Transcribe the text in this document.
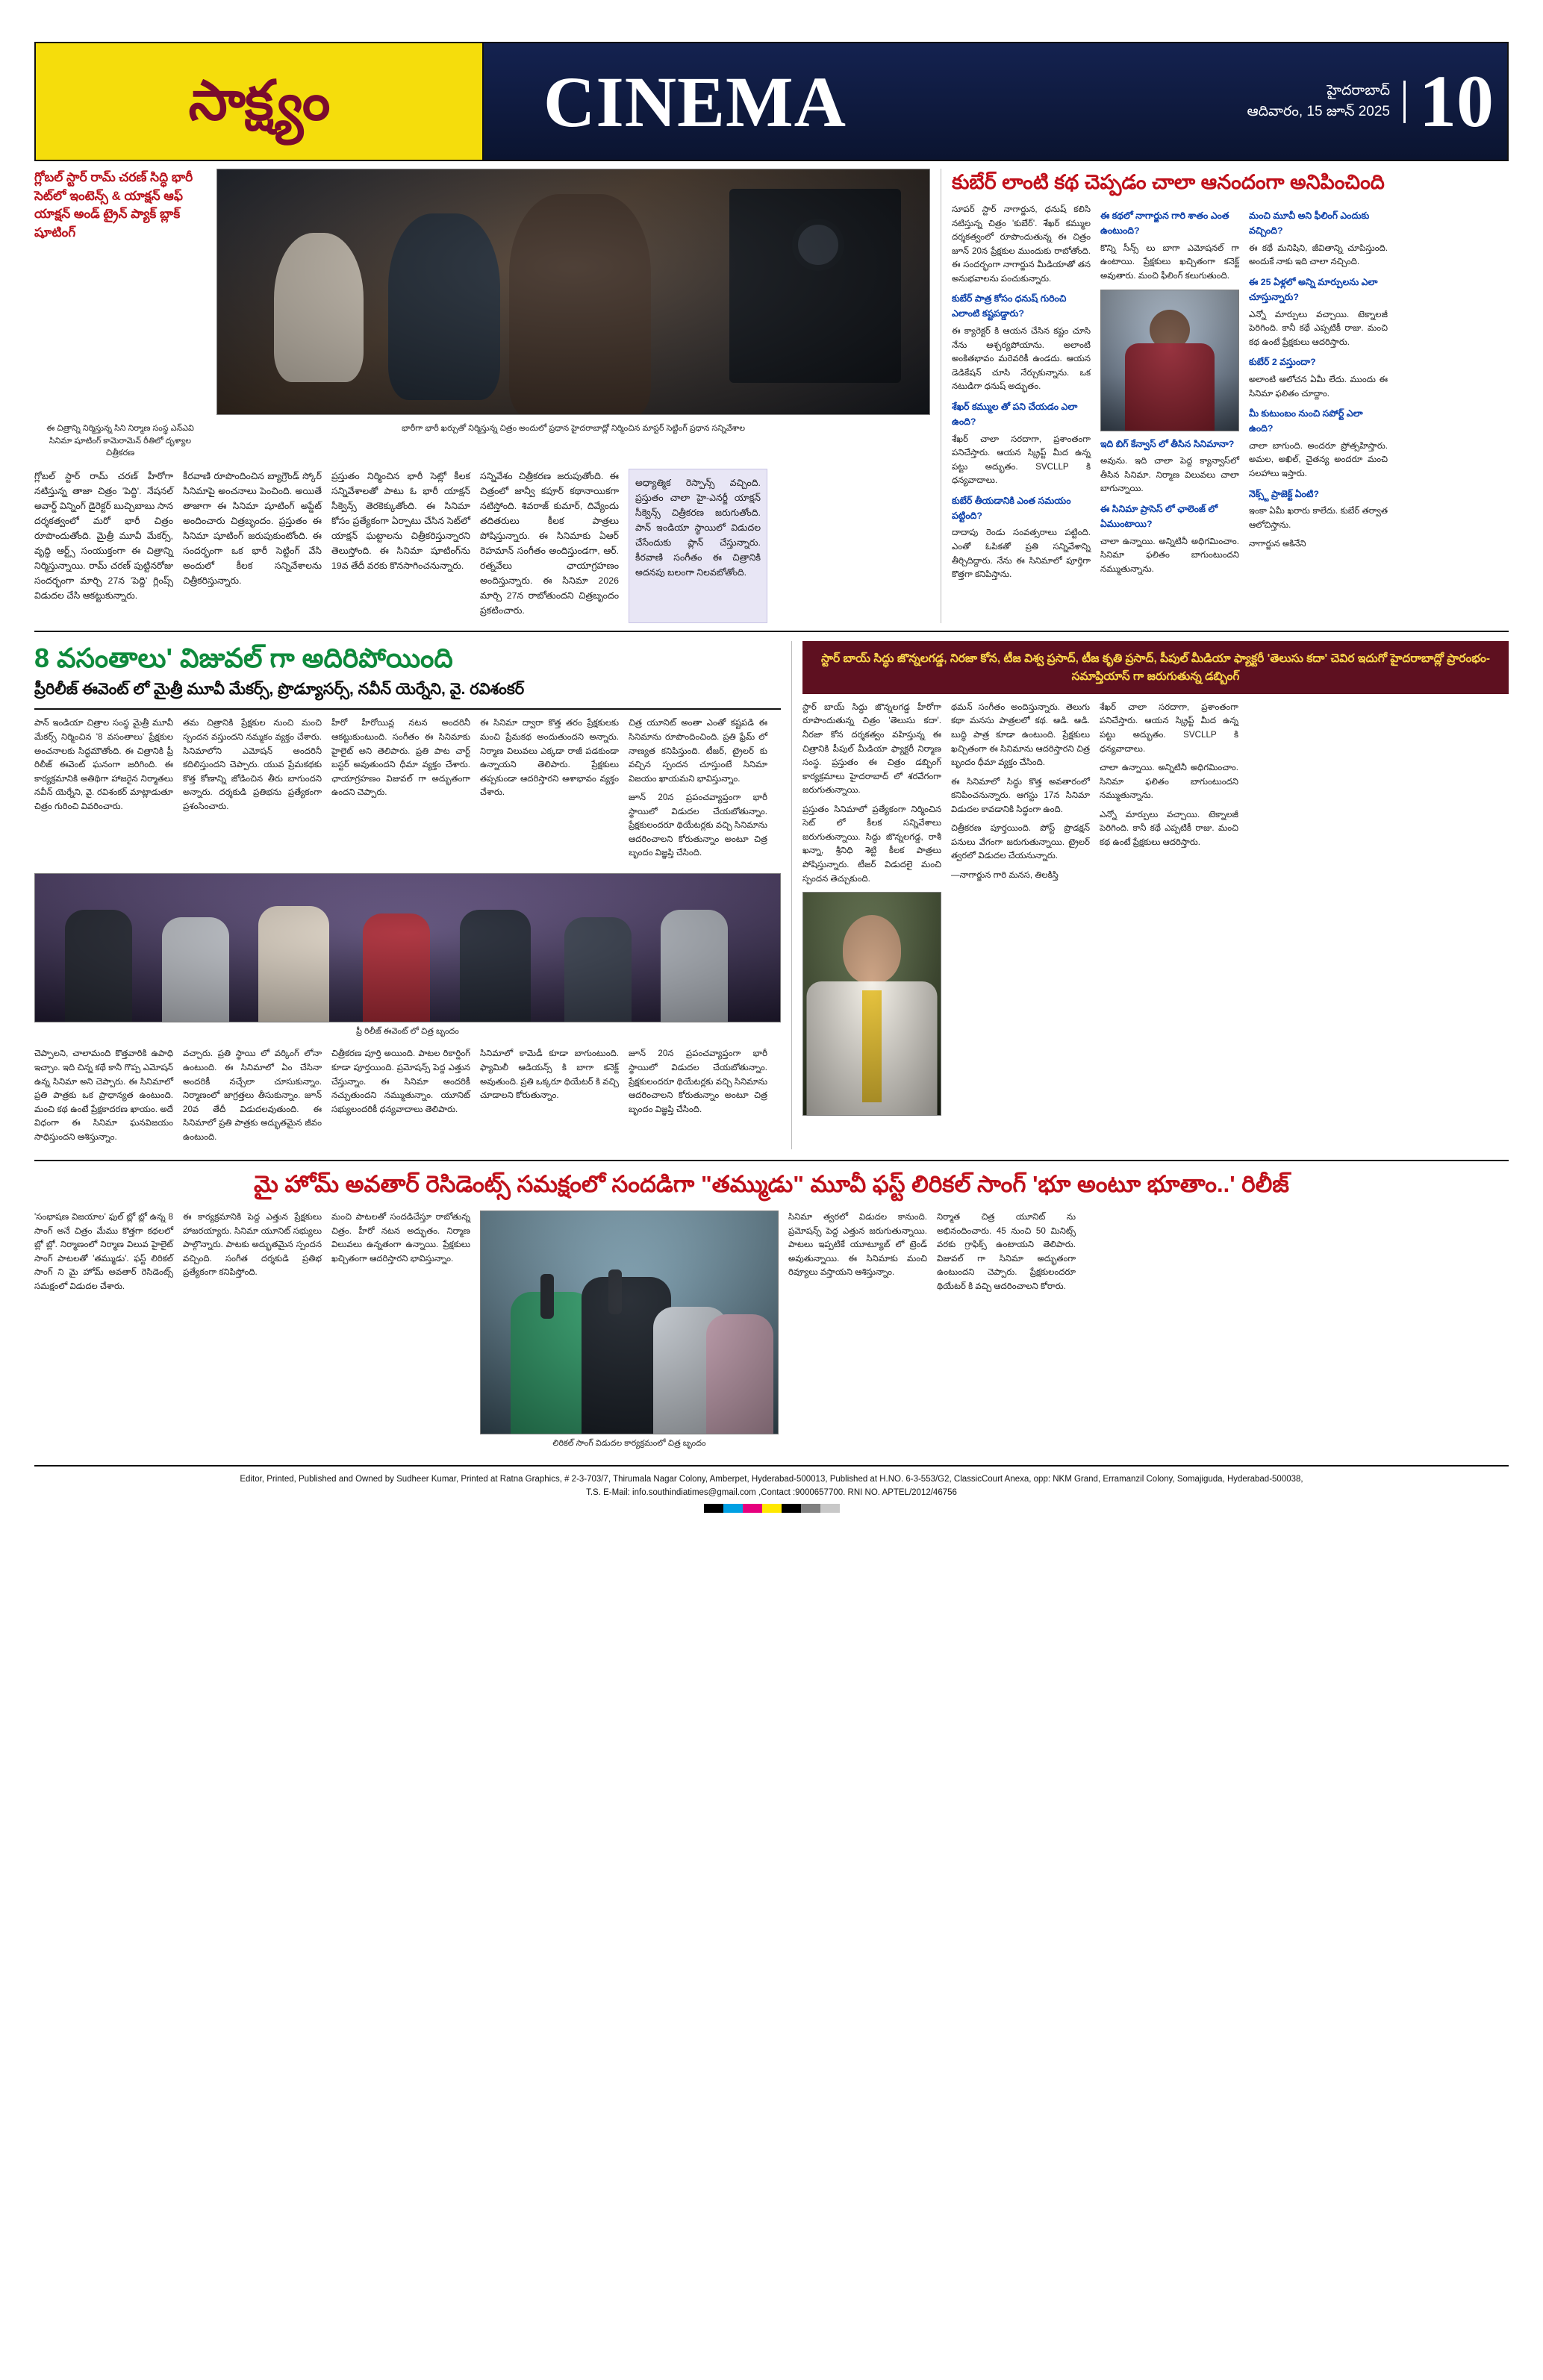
సాక్ష్యం	CINEMA	హైదరాబాద్
ఆదివారం, 15 జూన్ 2025 10
గ్లోబల్ స్టార్ రామ్ చరణ్ సిద్ధి భారీ సెట్‌లో ఇంటెన్స్ & యాక్షన్ ఆఫ్ యాక్షన్ అండ్ ట్రైన్ ప్యాక్ బ్లాక్ షూటింగ్
ఈ చిత్రాన్ని నిర్మిస్తున్న సిని నిర్మాణ సంస్థ ఎన్‌ఎ‌వి సినిమా షూటింగ్ కామెరామెన్ రీతిలో దృశ్యాల చిత్రీకరణ
భారీగా భారీ ఖర్చుతో నిర్మిస్తున్న చిత్రం అందులో ప్రధాన హైదరాబాద్లో నిర్మించిన మాస్టర్ సెట్టింగ్ ప్రధాన సన్నివేశాల

గ్లోబల్ స్టార్ రామ్ చరణ్ హీరోగా నటిస్తున్న తాజా చిత్రం 'పెద్ది'. నేషనల్ అవార్డ్ విన్నింగ్ డైరెక్టర్ బుచ్చిబాబు సాన దర్శకత్వంలో మరో భారీ చిత్రం రూపొందుతోంది. మైత్రీ మూవీ మేకర్స్, వృద్ధి ఆర్ట్స్ సంయుక్తంగా ఈ చిత్రాన్ని నిర్మిస్తున్నాయి. రామ్ చరణ్ పుట్టినరోజు సందర్భంగా మార్చి 27న 'పెద్ది' గ్లింప్స్ విడుదల చేసి ఆకట్టుకున్నారు.

కీరవాణి రూపొందించిన బ్యాగ్రౌండ్ స్కోర్ సినిమాపై అంచనాలు పెంచింది. అయితే తాజాగా ఈ సినిమా షూటింగ్ అప్డేట్ అందించారు చిత్రబృందం. ప్రస్తుతం ఈ సినిమా షూటింగ్ జరుపుకుంటోంది. ఈ సందర్భంగా ఒక భారీ సెట్టింగ్ వేసి అందులో కీలక సన్నివేశాలను చిత్రీకరిస్తున్నారు.

ప్రస్తుతం నిర్మించిన భారీ సెట్లో కీలక సన్నివేశాలతో పాటు ఓ భారీ యాక్షన్ సీక్వెన్స్ తెరకెక్కుతోంది. ఈ సినిమా కోసం ప్రత్యేకంగా ఏర్పాటు చేసిన సెట్‌లో యాక్షన్ ఘట్టాలను చిత్రీకరిస్తున్నారని తెలుస్తోంది. ఈ సినిమా షూటింగ్‌ను 19వ తేదీ వరకు కొనసాగించనున్నారు.

సన్నివేశం చిత్రీకరణ జరుపుతోంది. ఈ చిత్రంలో జాన్వీ కపూర్ కథానాయికగా నటిస్తోంది. శివరాజ్ కుమార్, దివ్యేందు తదితరులు కీలక పాత్రలు పోషిస్తున్నారు. ఈ సినిమాకు ఏఆర్ రెహమాన్ సంగీతం అందిస్తుండగా, ఆర్. రత్నవేలు ఛాయాగ్రహణం అందిస్తున్నారు. ఈ సినిమా 2026 మార్చి 27న రాబోతుందని చిత్రబృందం ప్రకటించారు.

అధ్యాత్మిక రెస్పాన్స్ వచ్చింది. ప్రస్తుతం చాలా హై-ఎనర్జీ యాక్షన్ సీక్వెన్స్ చిత్రీకరణ జరుగుతోంది. పాన్ ఇండియా స్థాయిలో విడుదల చేసేందుకు ప్లాన్ చేస్తున్నారు. కీరవాణి సంగీతం ఈ చిత్రానికి అదనపు బలంగా నిలవబోతోంది.

కుబేర్ లాంటి కథ చెప్పడం చాలా ఆనందంగా అనిపించింది

సూపర్ స్టార్ నాగార్జున, ధనుష్ కలిసి నటిస్తున్న చిత్రం 'కుబేర్'. శేఖర్ కమ్ముల దర్శకత్వంలో రూపొందుతున్న ఈ చిత్రం జూన్ 20న ప్రేక్షకుల ముందుకు రాబోతోంది. ఈ సందర్భంగా నాగార్జున మీడియాతో తన అనుభవాలను పంచుకున్నారు.

కుబేర్ పాత్ర కోసం ధనుష్ గురించి ఎలాంటి కష్టపడ్డారు?

ఈ క్యారెక్టర్ కి ఆయన చేసిన కష్టం చూసి నేను ఆశ్చర్యపోయాను. అలాంటి అంకితభావం మరెవరికీ ఉండదు. ఆయన డెడికేషన్ చూసి నేర్చుకున్నాను. ఒక నటుడిగా ధనుష్ అద్భుతం.

శేఖర్ కమ్ముల తో పని చేయడం ఎలా ఉంది?

శేఖర్ చాలా సరదాగా, ప్రశాంతంగా పనిచేస్తారు. ఆయన స్క్రిప్ట్ మీద ఉన్న పట్టు అద్భుతం. SVCLLP కి ధన్యవాదాలు.

కుబేర్ తీయడానికి ఎంత సమయం పట్టింది?

దాదాపు రెండు సంవత్సరాలు పట్టింది. ఎంతో ఓపికతో ప్రతి సన్నివేశాన్ని తీర్చిదిద్దారు. నేను ఈ సినిమాలో పూర్తిగా కొత్తగా కనిపిస్తాను.

ఈ కథలో నాగార్జున గారి శాతం ఎంత ఉంటుంది?

కొన్ని సీన్స్ లు బాగా ఎమోషనల్ గా ఉంటాయి. ప్రేక్షకులు ఖచ్చితంగా కనెక్ట్ అవుతారు. మంచి ఫీలింగ్ కలుగుతుంది.

ఇది బిగ్ కేన్వాస్ లో తీసిన సినిమానా?

అవును. ఇది చాలా పెద్ద క్యాన్వాస్‌లో తీసిన సినిమా. నిర్మాణ విలువలు చాలా బాగున్నాయి.

ఈ సినిమా ప్రాసెస్ లో ఛాలెంజ్ లో ఏముంటాయి?

చాలా ఉన్నాయి. అన్నిటినీ అధిగమించాం. సినిమా ఫలితం బాగుంటుందని నమ్ముతున్నాను.

మంచి మూవీ అని ఫీలింగ్ ఎందుకు వచ్చింది?

ఈ కథే మనిషిని, జీవితాన్ని చూపిస్తుంది. అందుకే నాకు ఇది చాలా నచ్చింది.

ఈ 25 ఏళ్లలో అన్ని మార్పులను ఎలా చూస్తున్నారు?

ఎన్నో మార్పులు వచ్చాయి. టెక్నాలజీ పెరిగింది. కానీ కథే ఎప్పటికీ రాజు. మంచి కథ ఉంటే ప్రేక్షకులు ఆదరిస్తారు.

కుబేర్ 2 వస్తుందా?

అలాంటి ఆలోచన ఏమీ లేదు. ముందు ఈ సినిమా ఫలితం చూద్దాం.

మీ కుటుంబం నుంచి సపోర్ట్ ఎలా ఉంది?

చాలా బాగుంది. అందరూ ప్రోత్సహిస్తారు. అమల, అఖిల్, చైతన్య అందరూ మంచి సలహాలు ఇస్తారు.

నెక్స్ట్ ప్రాజెక్ట్ ఏంటి?

ఇంకా ఏమీ ఖరారు కాలేదు. కుబేర్ తర్వాత ఆలోచిస్తాను.

నాగార్జున అకినేని

8 వసంతాలు' విజువల్ గా అదిరిపోయింది
ప్రీరిలీజ్ ఈవెంట్ లో మైత్రీ మూవీ మేకర్స్, ప్రొడ్యూసర్స్, నవీన్ యెర్నేని, వై. రవిశంకర్

పాన్ ఇండియా చిత్రాల సంస్థ మైత్రీ మూవీ మేకర్స్ నిర్మించిన '8 వసంతాలు' ప్రేక్షకుల అంచనాలకు సిద్ధమౌతోంది. ఈ చిత్రానికి ప్రీ రిలీజ్ ఈవెంట్ ఘనంగా జరిగింది. ఈ కార్యక్రమానికి అతిథిగా హాజరైన నిర్మాతలు నవీన్ యెర్నేని, వై. రవిశంకర్ మాట్లాడుతూ చిత్రం గురించి వివరించారు.

తమ చిత్రానికి ప్రేక్షకుల నుంచి మంచి స్పందన వస్తుందని నమ్మకం వ్యక్తం చేశారు. సినిమాలోని ఎమోషన్ అందరినీ కదిలిస్తుందని చెప్పారు. యువ ప్రేమకథకు కొత్త కోణాన్ని జోడించిన తీరు బాగుందని అన్నారు. దర్శకుడి ప్రతిభను ప్రత్యేకంగా ప్రశంసించారు.

హీరో హీరోయిన్ల నటన అందరినీ ఆకట్టుకుంటుంది. సంగీతం ఈ సినిమాకు హైలైట్ అని తెలిపారు. ప్రతి పాట చార్ట్ బస్టర్ అవుతుందని ధీమా వ్యక్తం చేశారు. ఛాయాగ్రహణం విజువల్ గా అద్భుతంగా ఉందని చెప్పారు.

ఈ సినిమా ద్వారా కొత్త తరం ప్రేక్షకులకు మంచి ప్రేమకథ అందుతుందని అన్నారు. నిర్మాణ విలువలు ఎక్కడా రాజీ పడకుండా ఉన్నాయని తెలిపారు. ప్రేక్షకులు తప్పకుండా ఆదరిస్తారని ఆశాభావం వ్యక్తం చేశారు.

చిత్ర యూనిట్ అంతా ఎంతో కష్టపడి ఈ సినిమాను రూపొందించింది. ప్రతి ఫ్రేమ్ లో నాణ్యత కనిపిస్తుంది. టీజర్, ట్రైలర్ కు వచ్చిన స్పందన చూస్తుంటే సినిమా విజయం ఖాయమని భావిస్తున్నాం.

జూన్ 20న ప్రపంచవ్యాప్తంగా భారీ స్థాయిలో విడుదల చేయబోతున్నాం. ప్రేక్షకులందరూ థియేటర్లకు వచ్చి సినిమాను ఆదరించాలని కోరుతున్నాం అంటూ చిత్ర బృందం విజ్ఞప్తి చేసింది.

ప్రీ రిలీజ్ ఈవెంట్ లో చిత్ర బృందం

చెప్పాలని, చాలామంది కొత్తవారికి ఉపాధి ఇచ్చాం. ఇది చిన్న కథే కానీ గొప్ప ఎమోషన్ ఉన్న సినిమా అని చెప్పారు. ఈ సినిమాలో ప్రతి పాత్రకు ఒక ప్రాధాన్యత ఉంటుంది. మంచి కథ ఉంటే ప్రేక్షకాదరణ ఖాయం. అదే విధంగా ఈ సినిమా ఘనవిజయం సాధిస్తుందని ఆశిస్తున్నాం.

వచ్చారు. ప్రతి స్థాయి లో వర్కింగ్ లోనా ఉంటుంది. ఈ సినిమాలో ఏం చేసినా అందరికీ నచ్చేలా చూసుకున్నాం. నిర్మాణంలో జాగ్రత్తలు తీసుకున్నాం. జూన్ 20వ తేదీ విడుదలవుతుంది. ఈ సినిమాలో ప్రతి పాత్రకు అద్భుతమైన జీవం ఉంటుంది.

చిత్రీకరణ పూర్తి అయింది. పాటల రికార్డింగ్ కూడా పూర్తయింది. ప్రమోషన్స్ పెద్ద ఎత్తున చేస్తున్నాం. ఈ సినిమా అందరికీ నచ్చుతుందని నమ్ముతున్నాం. యూనిట్ సభ్యులందరికీ ధన్యవాదాలు తెలిపారు.

సినిమాలో కామెడీ కూడా బాగుంటుంది. ఫ్యామిలీ ఆడియన్స్ కి బాగా కనెక్ట్ అవుతుంది. ప్రతి ఒక్కరూ థియేటర్ కి వచ్చి చూడాలని కోరుతున్నాం.

జూన్ 20న ప్రపంచవ్యాప్తంగా భారీ స్థాయిలో విడుదల చేయబోతున్నాం. ప్రేక్షకులందరూ థియేటర్లకు వచ్చి సినిమాను ఆదరించాలని కోరుతున్నాం అంటూ చిత్ర బృందం విజ్ఞప్తి చేసింది.

స్టార్ బాయ్ సిద్ధు జొన్నలగడ్డ, నిరజా కోన, టీజ విశ్వ ప్రసాద్, టీజ కృతి ప్రసాద్, పీపుల్ మీడియా ఫ్యాక్టరీ 'తెలుసు కదా' చెవిర ఇదుగో హైదరాబాద్లో ప్రారంభం-సమాప్తియాస్ గా జరుగుతున్న డబ్బింగ్

స్టార్ బాయ్ సిద్ధు జొన్నలగడ్డ హీరోగా రూపొందుతున్న చిత్రం 'తెలుసు కదా'. నీరజా కోన దర్శకత్వం వహిస్తున్న ఈ చిత్రానికి పీపుల్ మీడియా ఫ్యాక్టరీ నిర్మాణ సంస్థ. ప్రస్తుతం ఈ చిత్రం డబ్బింగ్ కార్యక్రమాలు హైదరాబాద్ లో శరవేగంగా జరుగుతున్నాయి.

ప్రస్తుతం సినిమాలో ప్రత్యేకంగా నిర్మించిన సెట్ లో కీలక సన్నివేశాలు జరుగుతున్నాయి. సిద్ధు జొన్నలగడ్డ, రాశీ ఖన్నా, శ్రీనిధి శెట్టి కీలక పాత్రలు పోషిస్తున్నారు. టీజర్ విడుదలై మంచి స్పందన తెచ్చుకుంది.

థమన్ సంగీతం అందిస్తున్నారు. తెలుగు కథా మనసు పాత్రలలో కథ. ఆడి. ఆడి. బుద్ధి పాత్ర కూడా ఉంటుంది. ప్రేక్షకులు ఖచ్చితంగా ఈ సినిమాను ఆదరిస్తారని చిత్ర బృందం ధీమా వ్యక్తం చేసింది.

ఈ సినిమాలో సిద్ధు కొత్త అవతారంలో కనిపించనున్నారు. ఆగస్టు 17న సినిమా విడుదల కావడానికి సిద్ధంగా ఉంది.

చిత్రీకరణ పూర్తయింది. పోస్ట్ ప్రొడక్షన్ పనులు వేగంగా జరుగుతున్నాయి. ట్రైలర్ త్వరలో విడుదల చేయనున్నారు.

—నాగార్జున గారి మనస, తిలకిస్తి

శేఖర్ చాలా సరదాగా, ప్రశాంతంగా పనిచేస్తారు. ఆయన స్క్రిప్ట్ మీద ఉన్న పట్టు అద్భుతం. SVCLLP కి ధన్యవాదాలు.

చాలా ఉన్నాయి. అన్నిటినీ అధిగమించాం. సినిమా ఫలితం బాగుంటుందని నమ్ముతున్నాను.

ఎన్నో మార్పులు వచ్చాయి. టెక్నాలజీ పెరిగింది. కానీ కథే ఎప్పటికీ రాజు. మంచి కథ ఉంటే ప్రేక్షకులు ఆదరిస్తారు.

మై హోమ్ అవతార్ రెసిడెంట్స్ సమక్షంలో సందడిగా "తమ్ముడు" మూవీ ఫస్ట్ లిరికల్ సాంగ్ 'భూ అంటూ భూతాం..' రిలీజ్

'సంభాషణ విజయాల' ఫుల్ బ్లో బ్లో ఉన్న 8 సాంగ్ అనే చిత్రం మేము కొత్తగా కథలలో బ్లో బ్లో. నిర్మాణంలో నిర్మాణ విలువ హైలైట్ సాంగ్ పాటలతో 'తమ్ముడు'. ఫస్ట్ లిరికల్ సాంగ్ ని మై హోమ్ అవతార్ రెసిడెంట్స్ సమక్షంలో విడుదల చేశారు.

ఈ కార్యక్రమానికి పెద్ద ఎత్తున ప్రేక్షకులు హాజరయ్యారు. సినిమా యూనిట్ సభ్యులు పాల్గొన్నారు. పాటకు అద్భుతమైన స్పందన వచ్చింది. సంగీత దర్శకుడి ప్రతిభ ప్రత్యేకంగా కనిపిస్తోంది.

మంచి పాటలతో సందడిచేస్తూ రాబోతున్న చిత్రం. హీరో నటన అద్భుతం. నిర్మాణ విలువలు ఉన్నతంగా ఉన్నాయి. ప్రేక్షకులు ఖచ్చితంగా ఆదరిస్తారని భావిస్తున్నాం.

లిరికల్ సాంగ్ విడుదల కార్యక్రమంలో చిత్ర బృందం

సినిమా త్వరలో విడుదల కానుంది. ప్రమోషన్స్ పెద్ద ఎత్తున జరుగుతున్నాయి. పాటలు ఇప్పటికే యూట్యూబ్ లో ట్రెండ్ అవుతున్నాయి. ఈ సినిమాకు మంచి రివ్యూలు వస్తాయని ఆశిస్తున్నాం.

నిర్మాత చిత్ర యూనిట్ ను అభినందించారు. 45 నుంచి 50 మినిట్స్ వరకు గ్రాఫిక్స్ ఉంటాయని తెలిపారు. విజువల్ గా సినిమా అద్భుతంగా ఉంటుందని చెప్పారు. ప్రేక్షకులందరూ థియేటర్ కి వచ్చి ఆదరించాలని కోరారు.

Editor, Printed, Published and Owned by Sudheer Kumar, Printed at Ratna Graphics, # 2-3-703/7, Thirumala Nagar Colony, Amberpet, Hyderabad-500013, Published at H.NO. 6-3-553/G2, ClassicCourt Anexa, opp: NKM Grand, Erramanzil Colony, Somajiguda, Hyderabad-500038,
T.S. E-Mail: info.southindiatimes@gmail.com ,Contact :9000657700. RNI NO. APTEL/2012/46756
